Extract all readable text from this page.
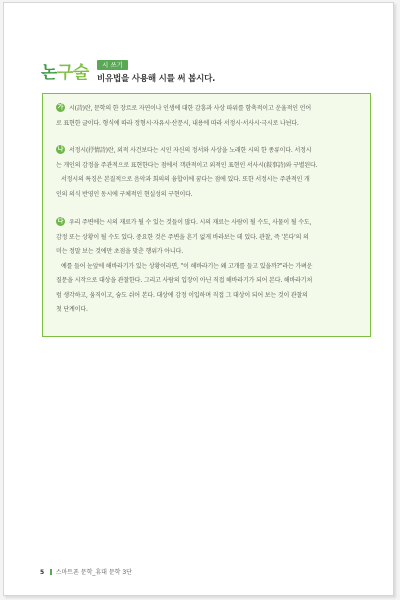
논구술	시 쓰기
비유법을 사용해 시를 써 봅시다.
가 시(詩)란, 문학의 한 장르로 자연이나 인생에 대한 감흥과 사상 따위를 함축적이고 운율적인 언어
로 표현한 글이다. 형식에 따라 정형시·자유시·산문시, 내용에 따라 서정시·서사시·극시로 나뉜다.
나 서정시(抒情詩)란, 외적 사건보다는 시인 자신의 정서와 사상을 노래한 시의 한 종류이다. 서정시
는 개인의 감정을 주관적으로 표현한다는 점에서 객관적이고 외적인 표현인 서사시(敍事詩)와 구별된다.
서정시의 특징은 본질적으로 음악과 회의의 융합이에 꿈다는 점에 있다. 또한 서정시는 주관적인 개
인의 의식 반영인 동시에 구체적인 현실성의 구현이다.
다 우리 주변에는 시의 재료가 될 수 있는 것들이 많다. 시의 재료는 사람이 될 수도, 사물이 될 수도,
감정 또는 상황이 될 수도 있다. 중요한 것은 주변을 흔기 없게 바라보는 데 있다. 관찰, 즉 '본다'의 의
미는 정말 보는 것에만 초점을 맞춘 행위가 아니다.
예를 들어 눈앞에 해바라기가 있는 상황이라면, "이 해바라기는 왜 고개를 들고 있을까?"라는 가벼운
질문을 시작으로 대상을 관찰한다. 그리고 사람의 입장이 아닌 직접 해바라기가 되어 본다. 해바라기처
럼 생각하고, 움직이고, 숨도 쉬어 본다. 대상에 감정 이입하며 직접 그 대상이 되어 보는 것이 관찰의
첫 단계이다.
5 스마트폰 문학_휴대 문학 3단
